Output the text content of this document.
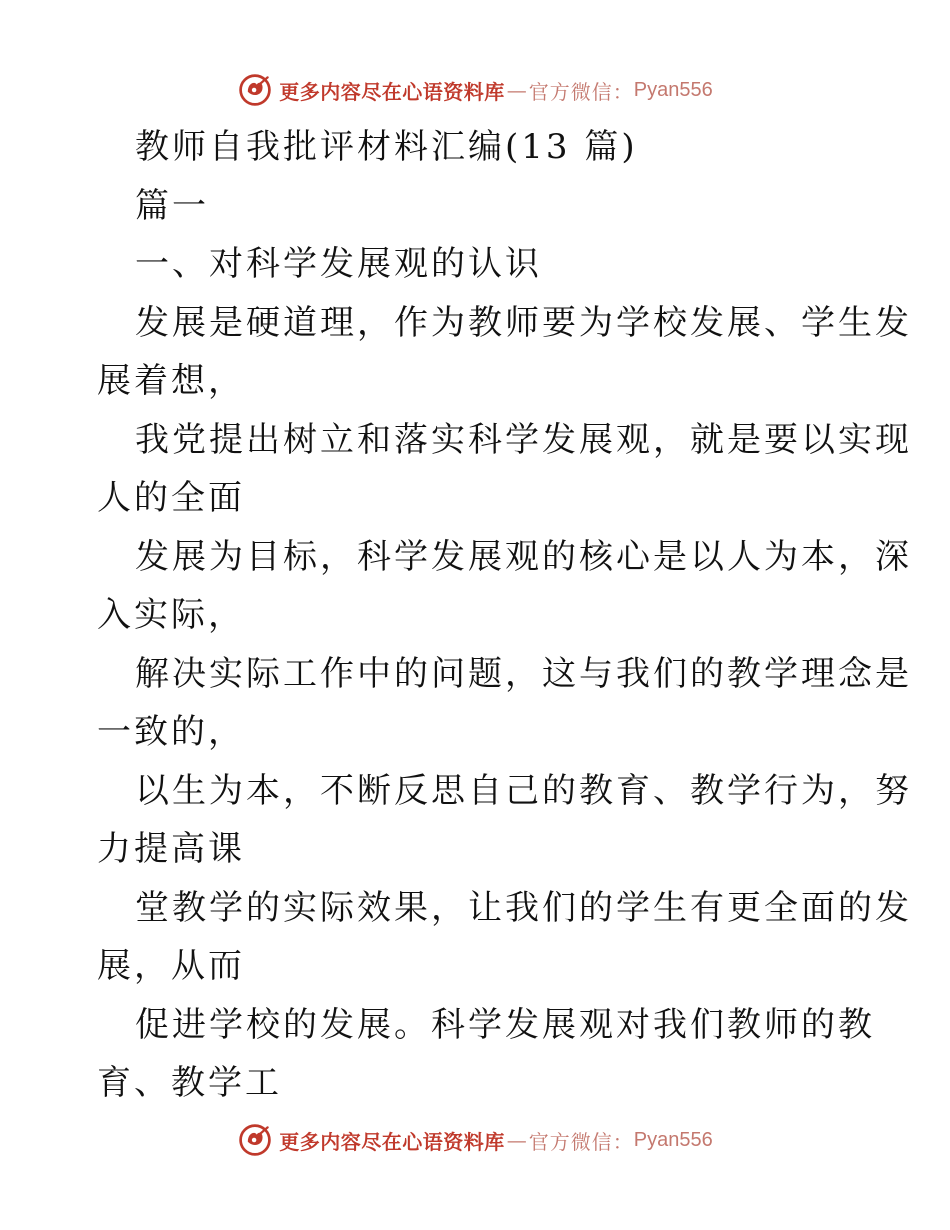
更多内容尽在心语资料库 — 官方微信： Pyan556
教师自我批评材料汇编(13 篇)
篇一
一、对科学发展观的认识
发展是硬道理，作为教师要为学校发展、学生发
展着想，
我党提出树立和落实科学发展观，就是要以实现
人的全面
发展为目标，科学发展观的核心是以人为本，深
入实际，
解决实际工作中的问题，这与我们的教学理念是
一致的，
以生为本，不断反思自己的教育、教学行为，努
力提高课
堂教学的实际效果，让我们的学生有更全面的发
展，从而
促进学校的发展。科学发展观对我们教师的教
育、教学工
更多内容尽在心语资料库 — 官方微信： Pyan556
